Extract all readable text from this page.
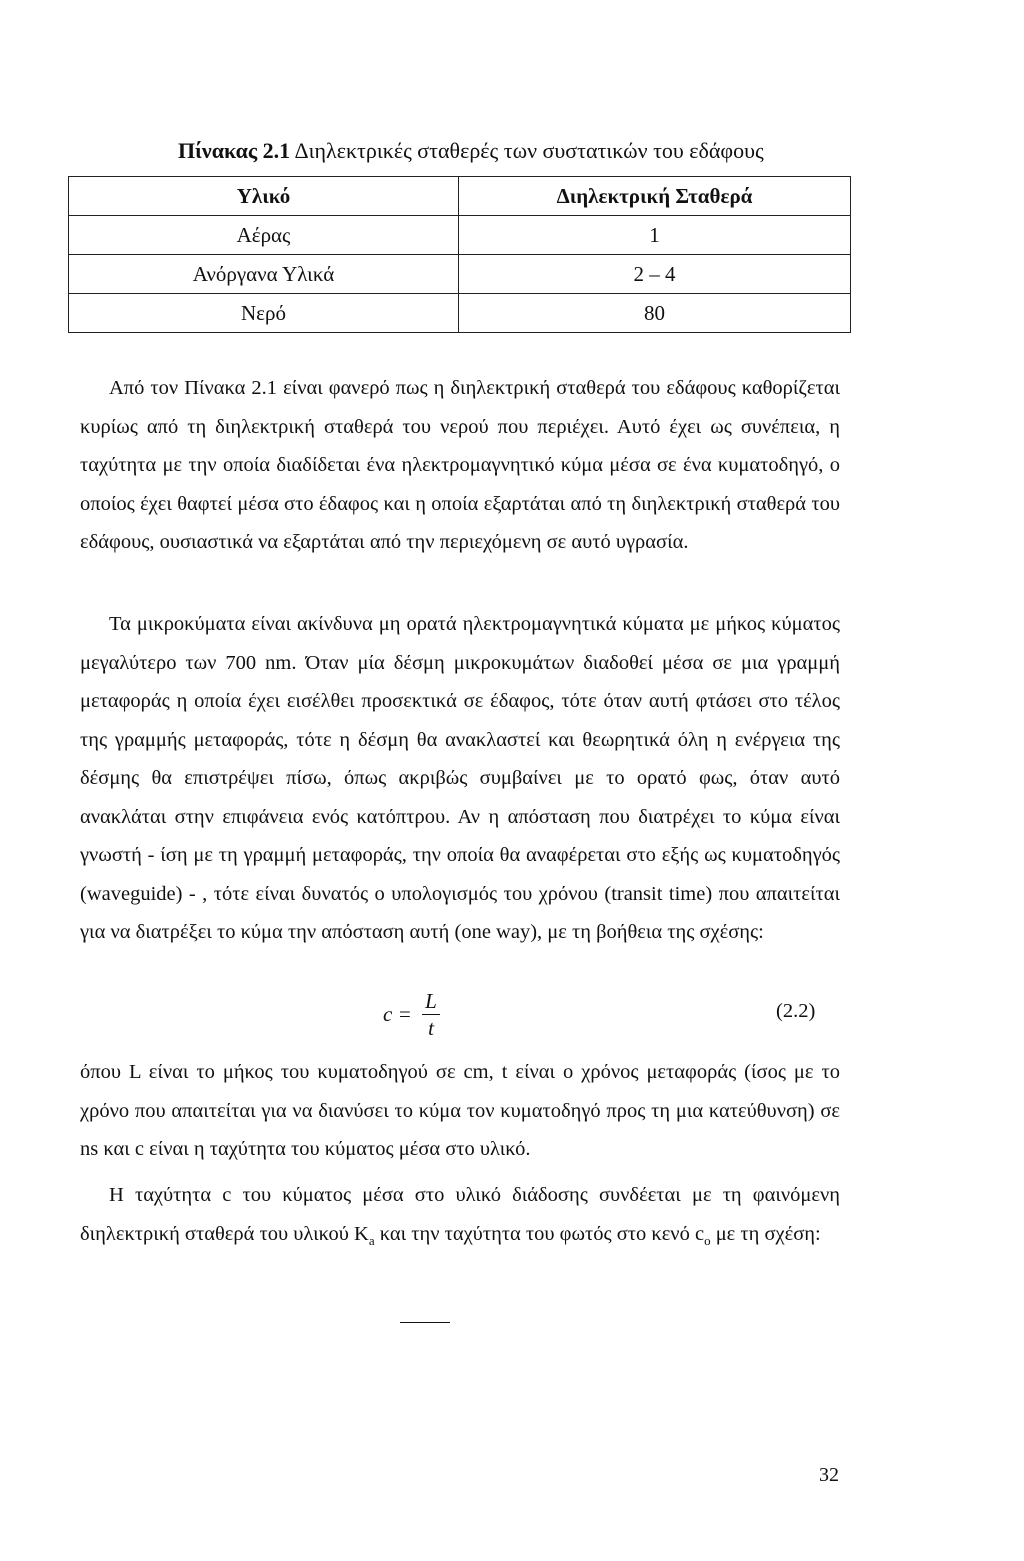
Πίνακας 2.1 Διηλεκτρικές σταθερές των συστατικών του εδάφους
Υλικό	Διηλεκτρική Σταθερά
Αέρας	1
Ανόργανα Υλικά	2 – 4
Νερό	80

Από τον Πίνακα 2.1 είναι φανερό πως η διηλεκτρική σταθερά του εδάφους καθορίζεται κυρίως από τη διηλεκτρική σταθερά του νερού που περιέχει. Αυτό έχει ως συνέπεια, η ταχύτητα με την οποία διαδίδεται ένα ηλεκτρομαγνητικό κύμα μέσα σε ένα κυματοδηγό, ο οποίος έχει θαφτεί μέσα στο έδαφος και η οποία εξαρτάται από τη διηλεκτρική σταθερά του εδάφους, ουσιαστικά να εξαρτάται από την περιεχόμενη σε αυτό υγρασία.

Τα μικροκύματα είναι ακίνδυνα μη ορατά ηλεκτρομαγνητικά κύματα με μήκος κύματος μεγαλύτερο των 700 nm. Όταν μία δέσμη μικροκυμάτων διαδοθεί μέσα σε μια γραμμή μεταφοράς η οποία έχει εισέλθει προσεκτικά σε έδαφος, τότε όταν αυτή φτάσει στο τέλος της γραμμής μεταφοράς, τότε η δέσμη θα ανακλαστεί και θεωρητικά όλη η ενέργεια της δέσμης θα επιστρέψει πίσω, όπως ακριβώς συμβαίνει με το ορατό φως, όταν αυτό ανακλάται στην επιφάνεια ενός κατόπτρου. Αν η απόσταση που διατρέχει το κύμα είναι γνωστή - ίση με τη γραμμή μεταφοράς, την οποία θα αναφέρεται στο εξής ως κυματοδηγός (waveguide) - , τότε είναι δυνατός ο υπολογισμός του χρόνου (transit time) που απαιτείται για να διατρέξει το κύμα την απόσταση αυτή (one way), με τη βοήθεια της σχέσης:

c =
L
t
(2.2)

όπου L είναι το μήκος του κυματοδηγού σε cm, t είναι ο χρόνος μεταφοράς (ίσος με το χρόνο που απαιτείται για να διανύσει το κύμα τον κυματοδηγό προς τη μια κατεύθυνση) σε ns και c είναι η ταχύτητα του κύματος μέσα στο υλικό.

Η ταχύτητα c του κύματος μέσα στο υλικό διάδοσης συνδέεται με τη φαινόμενη διηλεκτρική σταθερά του υλικού $K_a$ και την ταχύτητα του φωτός στο κενό $c_o$ με τη σχέση:

32
